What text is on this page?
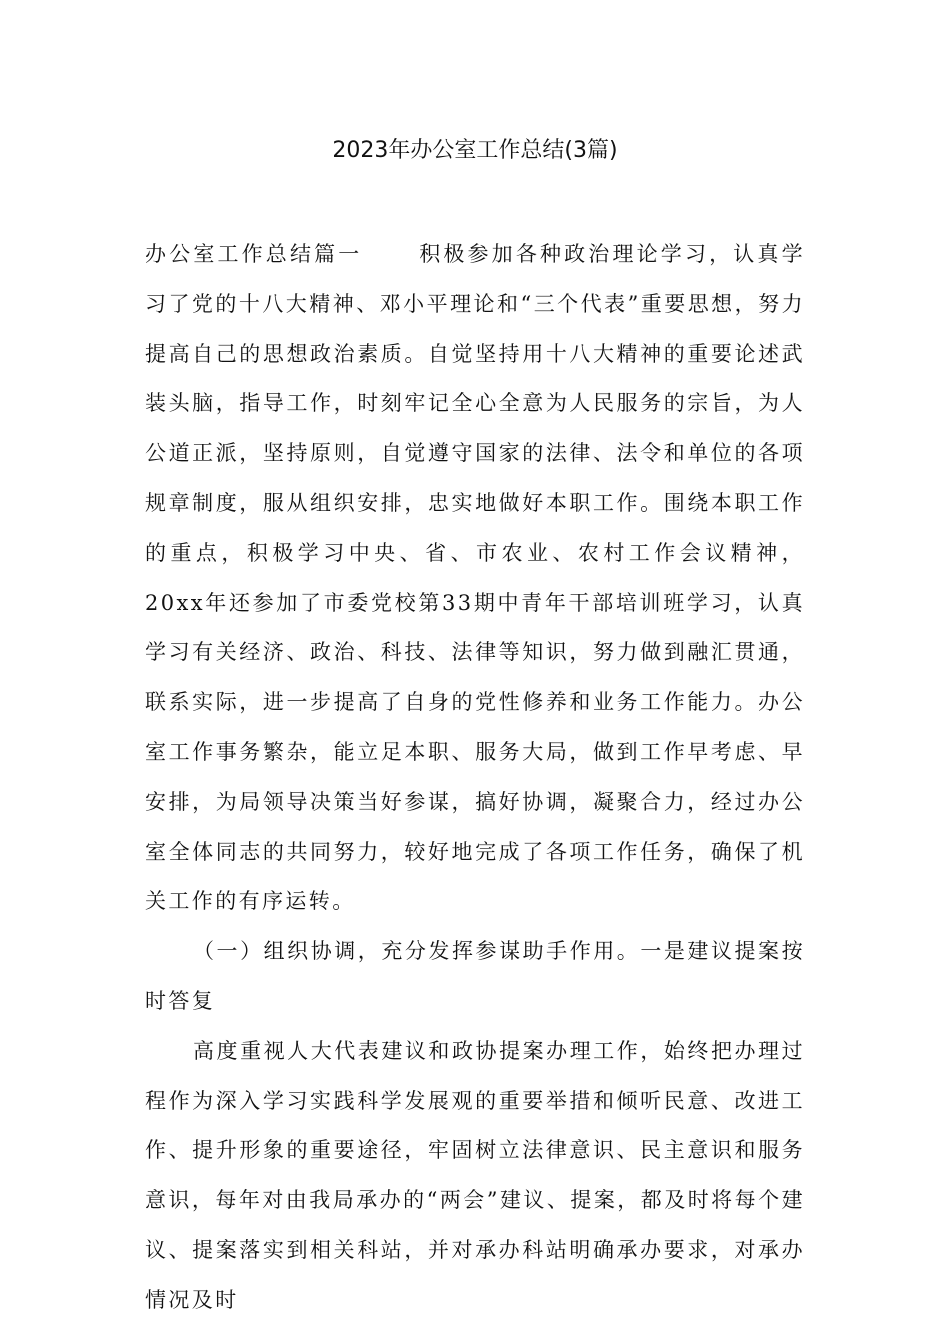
2023年办公室工作总结(3篇)

办公室工作总结篇一	积极参加各种政治理论学习，认真学习了党的十八大精神、邓小平理论和“三个代表”重要思想，努力提高自己的思想政治素质。自觉坚持用十八大精神的重要论述武装头脑，指导工作，时刻牢记全心全意为人民服务的宗旨，为人公道正派，坚持原则，自觉遵守国家的法律、法令和单位的各项规章制度，服从组织安排，忠实地做好本职工作。围绕本职工作的重点，积极学习中央、省、市农业、农村工作会议精神，20xx年还参加了市委党校第33期中青年干部培训班学习，认真学习有关经济、政治、科技、法律等知识，努力做到融汇贯通，联系实际，进一步提高了自身的党性修养和业务工作能力。办公室工作事务繁杂，能立足本职、服务大局，做到工作早考虑、早安排，为局领导决策当好参谋，搞好协调，凝聚合力，经过办公室全体同志的共同努力，较好地完成了各项工作任务，确保了机关工作的有序运转。

（一）组织协调，充分发挥参谋助手作用。一是建议提案按时答复

高度重视人大代表建议和政协提案办理工作，始终把办理过程作为深入学习实践科学发展观的重要举措和倾听民意、改进工作、提升形象的重要途径，牢固树立法律意识、民主意识和服务意识，每年对由我局承办的“两会”建议、提案，都及时将每个建议、提案落实到相关科站，并对承办科站明确承办要求，对承办情况及时
